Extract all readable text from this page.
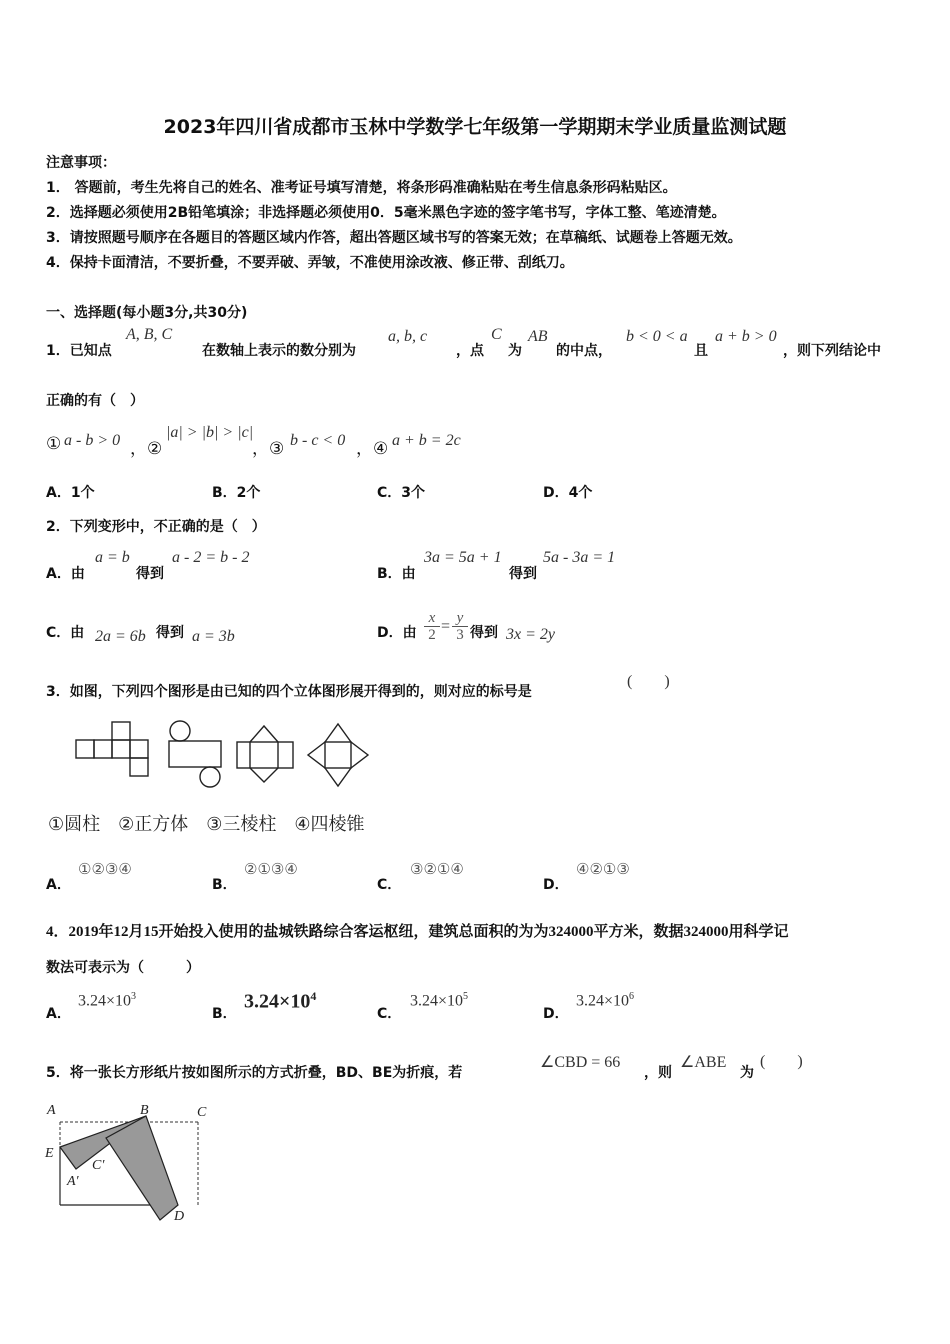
2023年四川省成都市玉林中学数学七年级第一学期期末学业质量监测试题
注意事项：
1． 答题前，考生先将自己的姓名、准考证号填写清楚，将条形码准确粘贴在考生信息条形码粘贴区。
2．选择题必须使用2B铅笔填涂；非选择题必须使用0．5毫米黑色字迹的签字笔书写，字体工整、笔迹清楚。
3．请按照题号顺序在各题目的答题区域内作答，超出答题区域书写的答案无效；在草稿纸、试题卷上答题无效。
4．保持卡面清洁，不要折叠，不要弄破、弄皱，不准使用涂改液、修正带、刮纸刀。
一、选择题(每小题3分,共30分)
1．已知点
A, B, C
在数轴上表示的数分别为
a, b, c
，点
C
为
AB
的中点，
b < 0 < a
且
a + b > 0
，则下列结论中
正确的有（　）
① a - b > 0 ，②
|a| > |b| > |c|
，③ b - c < 0 ，④ a + b = 2c
A．1个	B．2个	C．3个	D．4个
2．下列变形中，不正确的是（　）
A．由
a = b
得到
a - 2 = b - 2
B．由
3a = 5a + 1
得到
5a - 3a = 1
C．由 2a = 6b 得到 a = 3b	D．由
x
2 = y
3 得到 3x = 2y
3．如图，下列四个图形是由已知的四个立体图形展开得到的，则对应的标号是
(　　)
①圆柱　②正方体　③三棱柱　④四棱锥
A．
①②③④
B．
②①③④
C．
③②①④
D．
④②①③
4．2019年12月15开始投入使用的盐城铁路综合客运枢纽，建筑总面积的为为324000平方米，数据324000用科学记
数法可表示为（　　　）
A．
$3.24\times 10^3$
B．
$3.24\times 10^4$
C．
$3.24\times 10^5$
D．
$3.24\times 10^6$
5．将一张长方形纸片按如图所示的方式折叠，BD、BE为折痕，若
∠CBD = 66
，则
∠ABE
为
(　　)
A	B	C
E
C′
A′
D
